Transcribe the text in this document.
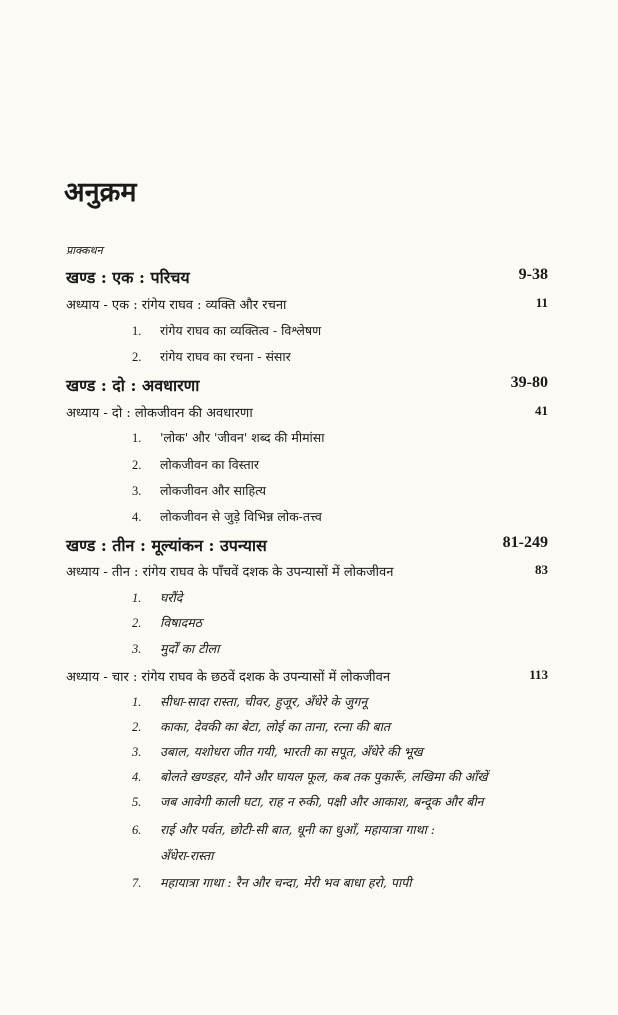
अनुक्रम
प्राक्कथन
खण्ड : एक : परिचय	9-38
अध्याय - एक : रांगेय राघव : व्यक्ति और रचना	11
1. रांगेय राघव का व्यक्तित्व - विश्लेषण
2. रांगेय राघव का रचना - संसार
खण्ड : दो : अवधारणा	39-80
अध्याय - दो : लोकजीवन की अवधारणा	41
1. 'लोक' और 'जीवन' शब्द की मीमांसा
2. लोकजीवन का विस्तार
3. लोकजीवन और साहित्य
4. लोकजीवन से जुड़े विभिन्न लोक-तत्त्व
खण्ड : तीन : मूल्यांकन : उपन्यास	81-249
अध्याय - तीन : रांगेय राघव के पाँचवें दशक के उपन्यासों में लोकजीवन	83
1. घरौंदे
2. विषादमठ
3. मुर्दों का टीला
अध्याय - चार : रांगेय राघव के छठवें दशक के उपन्यासों में लोकजीवन	113
1. सीधा-सादा रास्ता, चीवर, हुजूर, अँधेरे के जुगनू
2. काका, देवकी का बेटा, लोई का ताना, रत्ना की बात
3. उबाल, यशोधरा जीत गयी, भारती का सपूत, अँधेरे की भूख
4. बोलते खण्डहर, यौने और घायल फूल, कब तक पुकारूँ, लखिमा की आँखें
5. जब आवेगी काली घटा, राह न रुकी, पक्षी और आकाश, बन्दूक और बीन
6. राई और पर्वत, छोटी-सी बात, धूनी का धुआँ, महायात्रा गाथा :
अँधेरा-रास्ता
7. महायात्रा गाथा : रैन और चन्दा, मेरी भव बाधा हरो, पापी
